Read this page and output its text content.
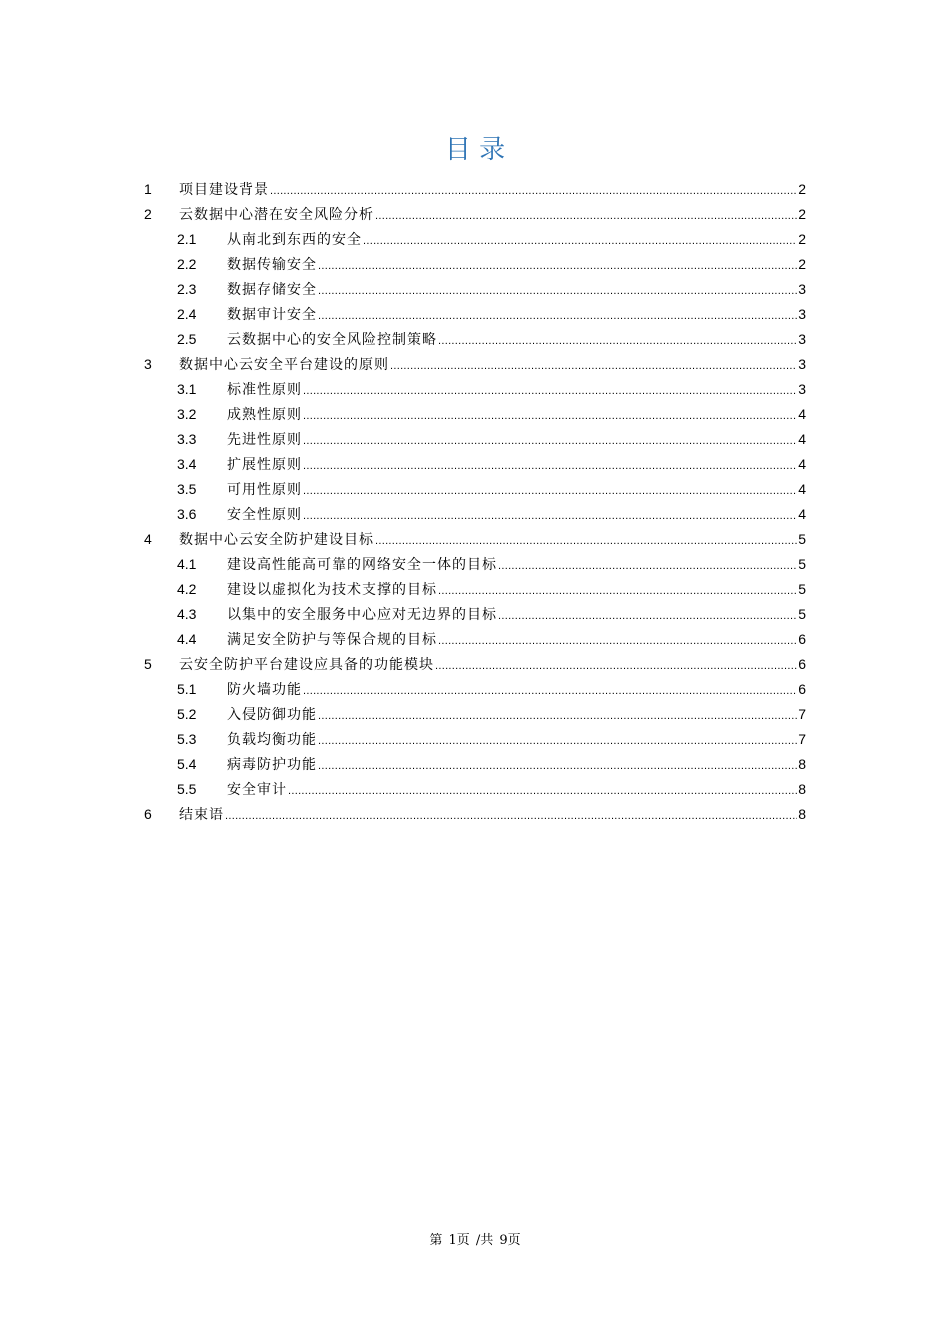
目 录
1	项目建设背景 .....	2
2	云数据中心潜在安全风险分析 .....	2
2.1	从南北到东西的安全 .....	2
2.2	数据传输安全 .....	2
2.3	数据存储安全 .....	3
2.4	数据审计安全 .....	3
2.5	云数据中心的安全风险控制策略 .....	3
3	数据中心云安全平台建设的原则 .....	3
3.1	标准性原则 .....	3
3.2	成熟性原则 .....	4
3.3	先进性原则 .....	4
3.4	扩展性原则 .....	4
3.5	可用性原则 .....	4
3.6	安全性原则 .....	4
4	数据中心云安全防护建设目标 .....	5
4.1	建设高性能高可靠的网络安全一体的目标 .....	5
4.2	建设以虚拟化为技术支撑的目标 .....	5
4.3	以集中的安全服务中心应对无边界的目标 .....	5
4.4	满足安全防护与等保合规的目标 .....	6
5	云安全防护平台建设应具备的功能模块 .....	6
5.1	防火墙功能 .....	6
5.2	入侵防御功能 .....	7
5.3	负载均衡功能 .....	7
5.4	病毒防护功能 .....	8
5.5	安全审计 .....	8
6	结束语 .....	8
第 1页 /共 9页
